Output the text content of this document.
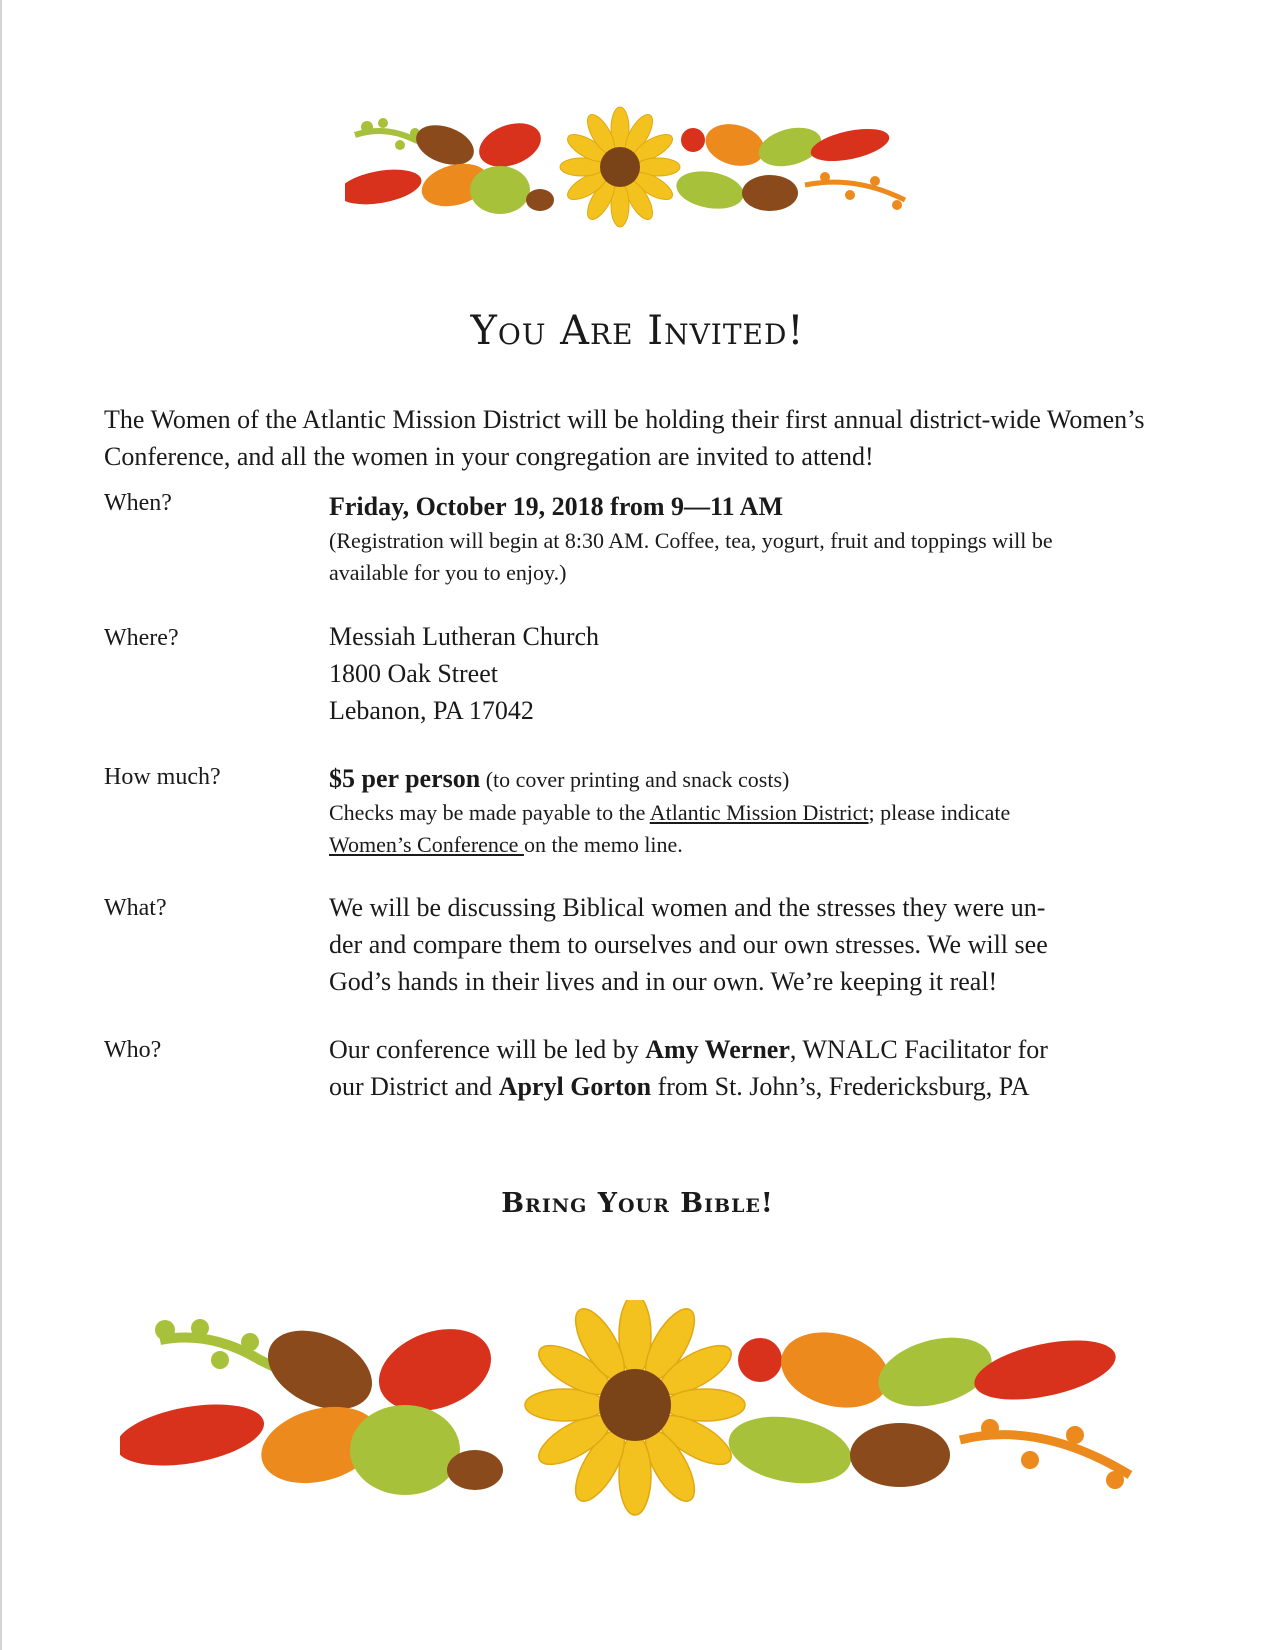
You Are Invited!
The Women of the Atlantic Mission District will be holding their first annual district-wide Women’s Conference, and all the women in your congregation are invited to attend!
When?	Friday, October 19, 2018 from 9—11 AM
(Registration will begin at 8:30 AM. Coffee, tea, yogurt, fruit and toppings will be
available for you to enjoy.)
Where?	Messiah Lutheran Church
1800 Oak Street
Lebanon, PA 17042
How much?	$5 per person (to cover printing and snack costs)
Checks may be made payable to the Atlantic Mission District; please indicate
Women’s Conference on the memo line.
What?	We will be discussing Biblical women and the stresses they were un-
der and compare them to ourselves and our own stresses. We will see
God’s hands in their lives and in our own. We’re keeping it real!
Who?	Our conference will be led by Amy Werner, WNALC Facilitator for
our District and Apryl Gorton from St. John’s, Fredericksburg, PA
Bring Your Bible!
